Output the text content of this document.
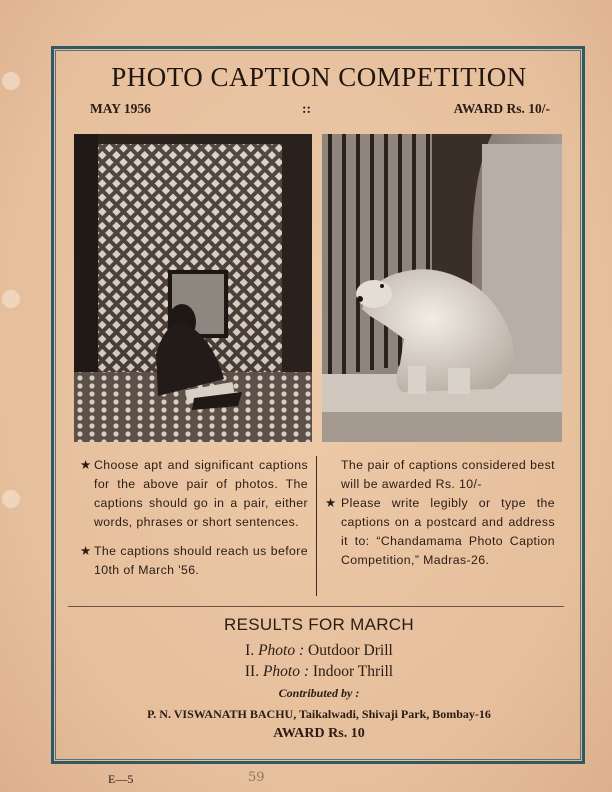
PHOTO CAPTION COMPETITION
MAY 1956	::	AWARD Rs. 10/-
★ Choose apt and significant captions for the above pair of photos. The captions should go in a pair, either words, phrases or short sentences.
★ The captions should reach us before 10th of March '56.
The pair of captions considered best will be awarded Rs. 10/-
★ Please write legibly or type the captions on a postcard and address it to: “Chandamama Photo Caption Competition,” Madras-26.
RESULTS FOR MARCH
I. Photo : Outdoor Drill
II. Photo : Indoor Thrill
Contributed by :
P. N. VISWANATH BACHU, Taikalwadi, Shivaji Park, Bombay-16
AWARD Rs. 10
E—5	59
